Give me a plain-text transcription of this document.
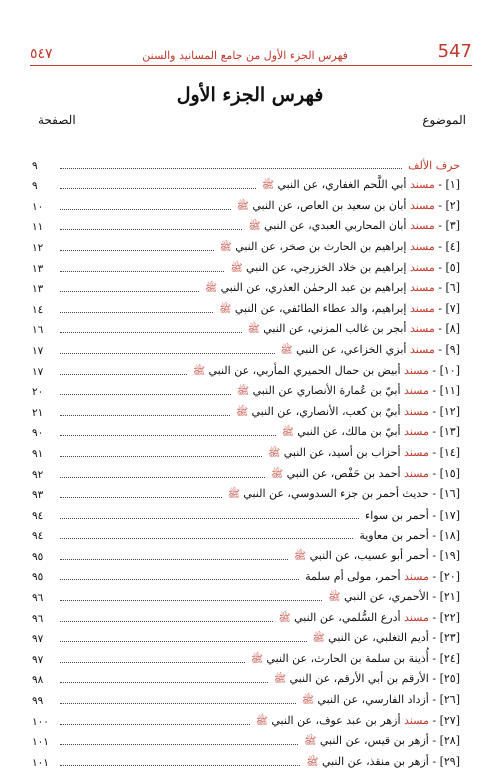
547
فهرس الجزء الأول من جامع المسانيد والسنن
٥٤٧
فهرس الجزء الأول
الموضوع
الصفحة
حرف الألف
٩
[١] - مسند أبي اللَّحم الغفاري، عن النبي ﷺ
٩
[٢] - مسند أبان بن سعيد بن العاص، عن النبي ﷺ
١٠
[٣] - مسند أبان المحاربي العبدي، عن النبي ﷺ
١١
[٤] - مسند إبراهيم بن الحارث بن صخر، عن النبي ﷺ
١٢
[٥] - مسند إبراهيم بن خلاد الخزرجي، عن النبي ﷺ
١٣
[٦] - مسند إبراهيم بن عبد الرحمٰن العذري، عن النبي ﷺ
١٣
[٧] - مسند إبراهيم، والد عطاء الطائفي، عن النبي ﷺ
١٤
[٨] - مسند أبجر بن غالب المزني، عن النبي ﷺ
١٦
[٩] - مسند أبزي الخزاعي، عن النبي ﷺ
١٧
[١٠] - مسند أبيض بن حمال الحميري المأربي، عن النبي ﷺ
١٧
[١١] - مسند أبيّ بن عُمارة الأنصاري عن النبي ﷺ
٢٠
[١٢] - مسند أبيّ بن كعب، الأنصاري، عن النبي ﷺ
٢١
[١٣] - مسند أبيّ بن مالك، عن النبي ﷺ
٩٠
[١٤] - مسند أحزاب بن أسيد، عن النبي ﷺ
٩١
[١٥] - مسند أحمد بن حَفْص، عن النبي ﷺ
٩٢
[١٦] - حديث أحمر بن جزء السدوسي، عن النبي ﷺ
٩٣
[١٧] - أحمر بن سواء
٩٤
[١٨] - أحمر بن معاوية
٩٤
[١٩] - أحمر أبو عسيب، عن النبي ﷺ
٩٥
[٢٠] - مسند أحمر، مولى أم سلمة
٩٥
[٢١] - الأحمري، عن النبي ﷺ
٩٦
[٢٢] - مسند أدرع السُّلمي، عن النبي ﷺ
٩٦
[٢٣] - أديم التغلبي، عن النبي ﷺ
٩٧
[٢٤] - أُذينة بن سلمة بن الحارث، عن النبي ﷺ
٩٧
[٢٥] - الأرقم بن أبي الأرقم، عن النبي ﷺ
٩٨
[٢٦] - أزداد الفارسي، عن النبي ﷺ
٩٩
[٢٧] - مسند أزهر بن عبد عوف، عن النبي ﷺ
١٠٠
[٢٨] - أزهر بن قيس، عن النبي ﷺ
١٠١
[٢٩] - أزهر بن منقذ، عن النبي ﷺ
١٠١
